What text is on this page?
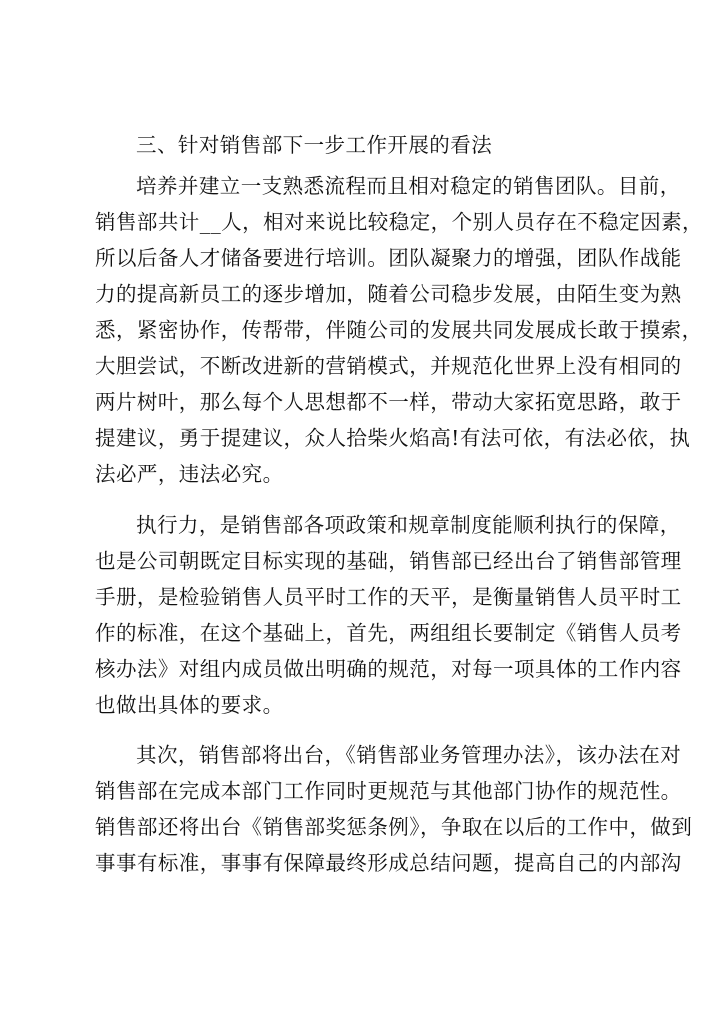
三、针对销售部下一步工作开展的看法
培养并建立一支熟悉流程而且相对稳定的销售团队。目前，
销售部共计__人，相对来说比较稳定，个别人员存在不稳定因素，
所以后备人才储备要进行培训。团队凝聚力的增强，团队作战能
力的提高新员工的逐步增加，随着公司稳步发展，由陌生变为熟
悉，紧密协作，传帮带，伴随公司的发展共同发展成长敢于摸索，
大胆尝试，不断改进新的营销模式，并规范化世界上没有相同的
两片树叶，那么每个人思想都不一样，带动大家拓宽思路，敢于
提建议，勇于提建议，众人拾柴火焰高!有法可依，有法必依，执
法必严，违法必究。
执行力，是销售部各项政策和规章制度能顺利执行的保障，
也是公司朝既定目标实现的基础，销售部已经出台了销售部管理
手册，是检验销售人员平时工作的天平，是衡量销售人员平时工
作的标准，在这个基础上，首先，两组组长要制定《销售人员考
核办法》对组内成员做出明确的规范，对每一项具体的工作内容
也做出具体的要求。
其次，销售部将出台，《销售部业务管理办法》，该办法在对
销售部在完成本部门工作同时更规范与其他部门协作的规范性。
销售部还将出台《销售部奖惩条例》，争取在以后的工作中，做到
事事有标准，事事有保障最终形成总结问题，提高自己的内部沟
